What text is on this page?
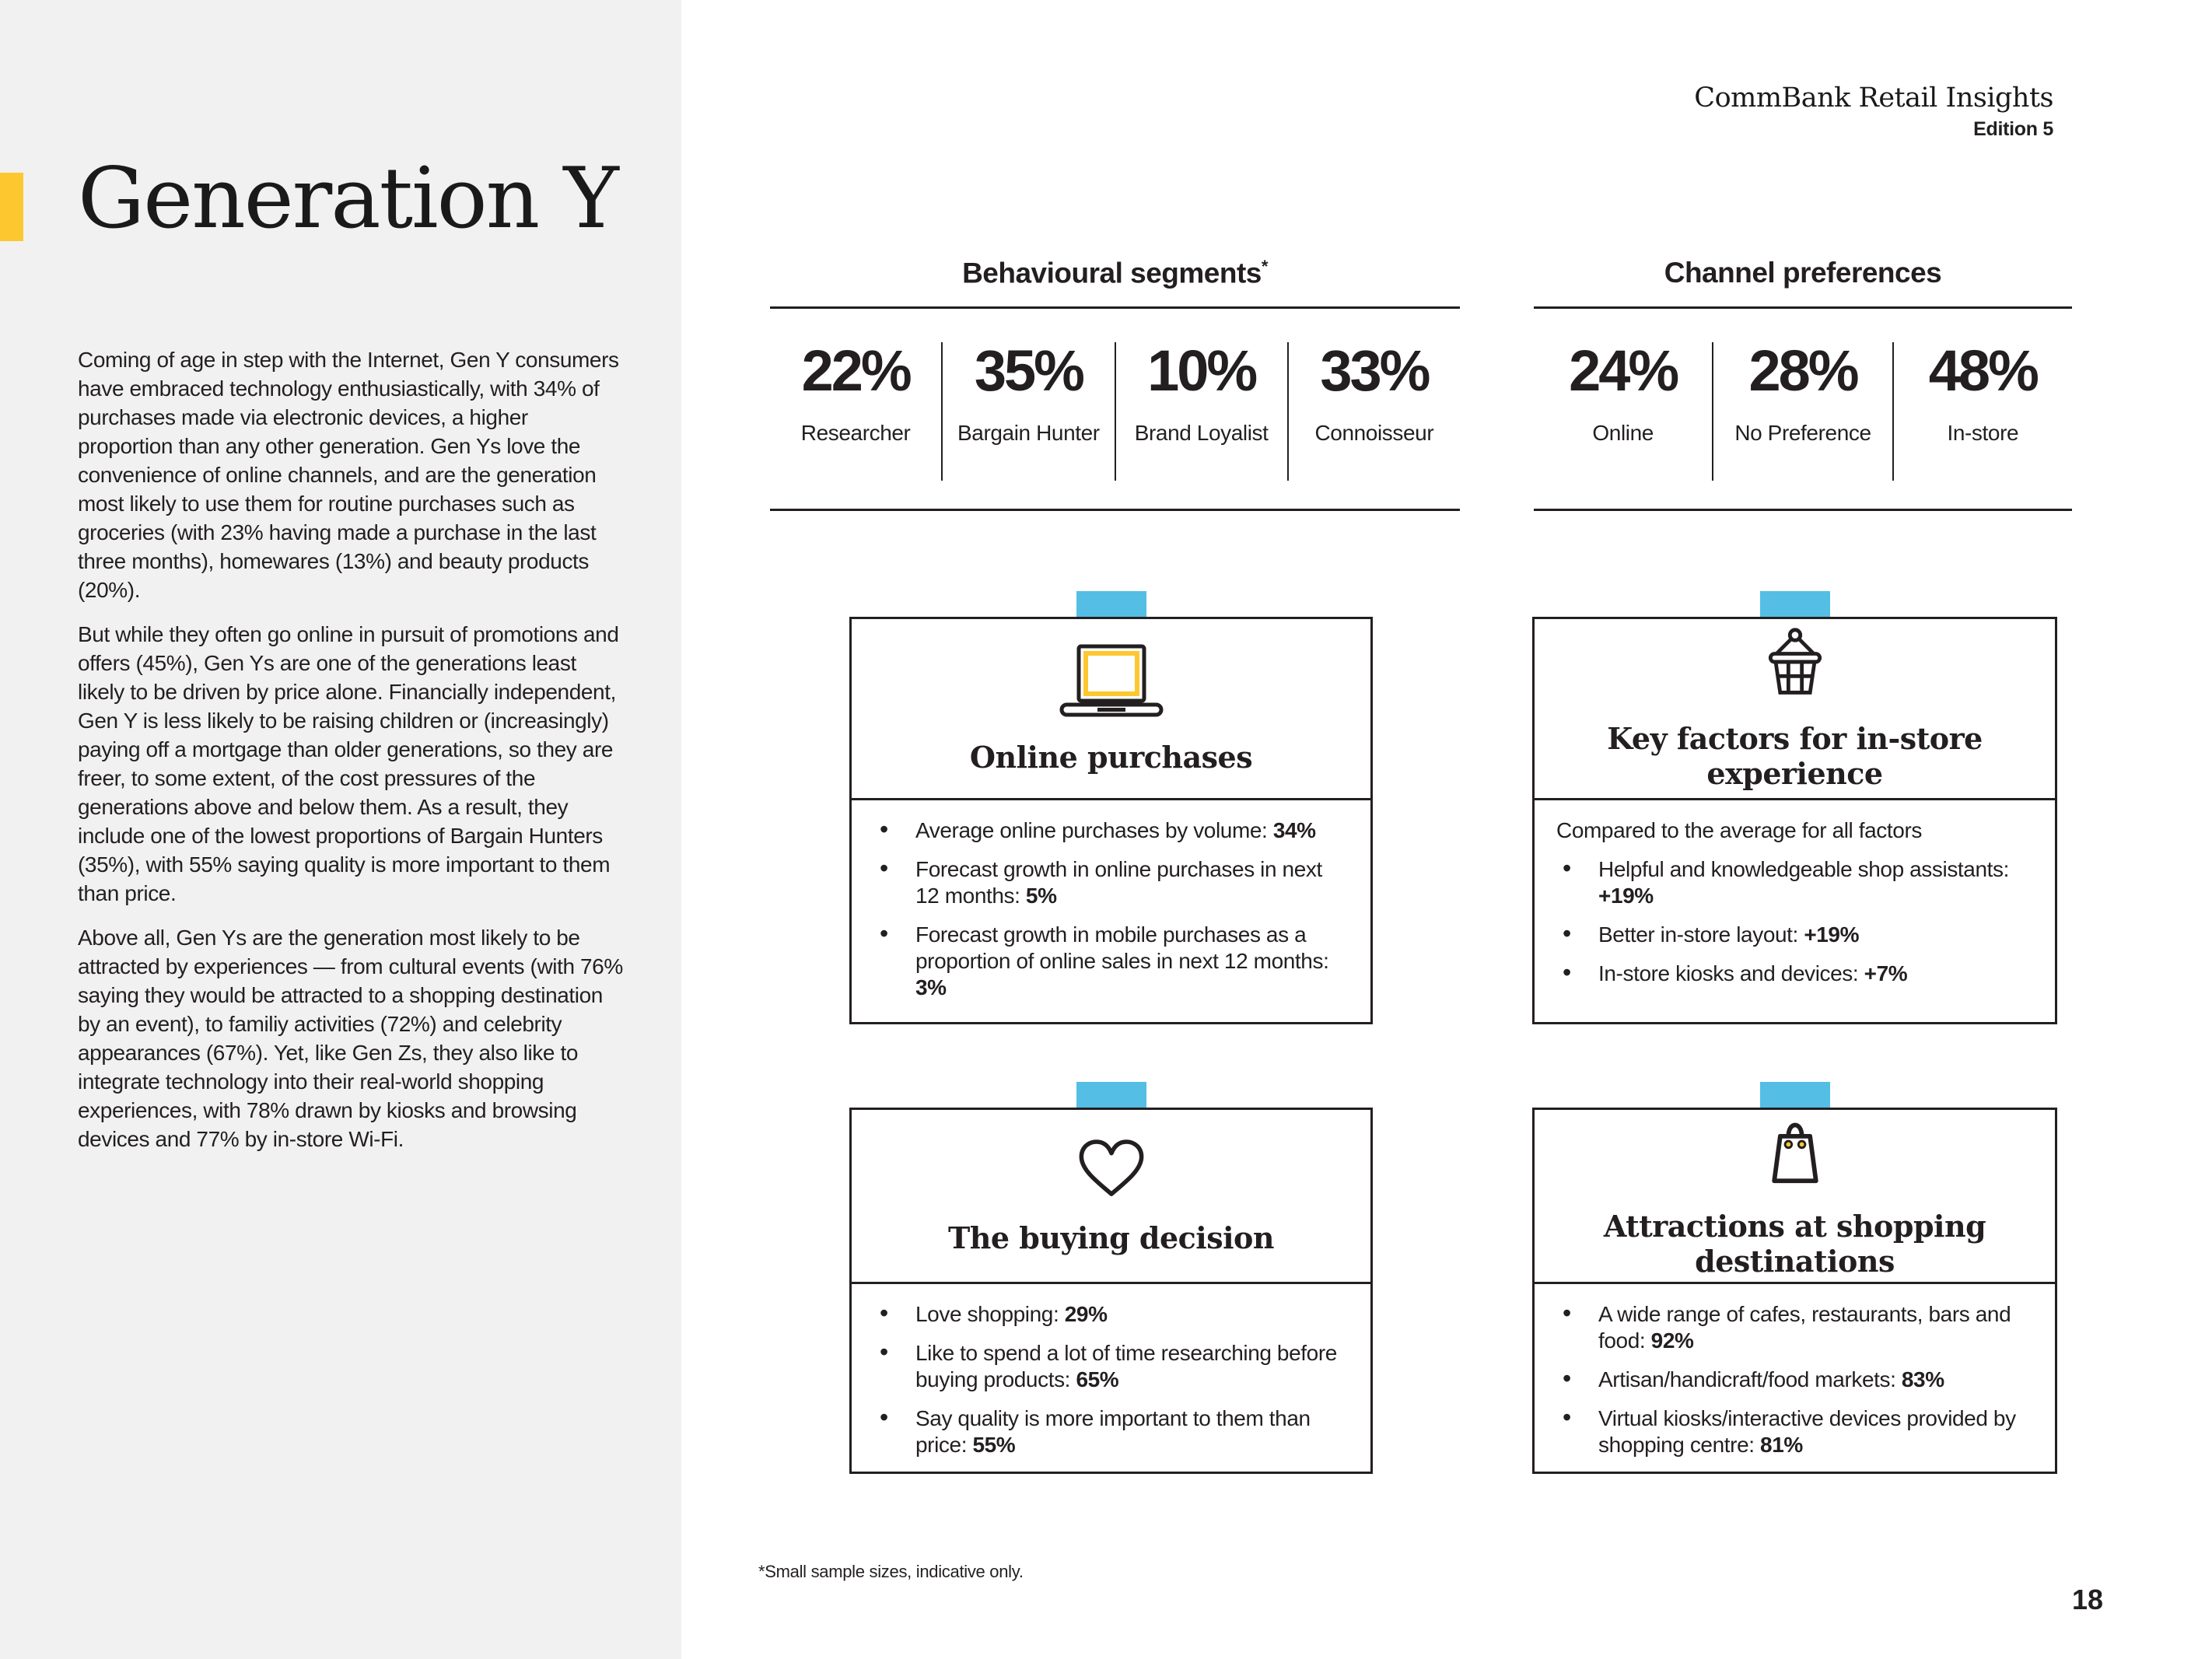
Generation Y

Coming of age in step with the Internet, Gen Y consumers have embraced technology enthusiastically, with 34% of purchases made via electronic devices, a higher proportion than any other generation. Gen Ys love the convenience of online channels, and are the generation most likely to use them for routine purchases such as groceries (with 23% having made a purchase in the last three months), homewares (13%) and beauty products (20%).

But while they often go online in pursuit of promotions and offers (45%), Gen Ys are one of the generations least likely to be driven by price alone. Financially independent, Gen Y is less likely to be raising children or (increasingly) paying off a mortgage than older generations, so they are freer, to some extent, of the cost pressures of the generations above and below them. As a result, they include one of the lowest proportions of Bargain Hunters (35%), with 55% saying quality is more important to them than price.

Above all, Gen Ys are the generation most likely to be attracted by experiences — from cultural events (with 76% saying they would be attracted to a shopping destination by an event), to familiy activities (72%) and celebrity appearances (67%). Yet, like Gen Zs, they also like to integrate technology into their real-world shopping experiences, with 78% drawn by kiosks and browsing devices and 77% by in-store Wi-Fi.

CommBank Retail Insights
Edition 5
Behavioural segments*
22%
Researcher
35%
Bargain Hunter
10%
Brand Loyalist
33%
Connoisseur
Channel preferences
24%
Online
28%
No Preference
48%
In-store
Online purchases
• Average online purchases by volume: 34%
• Forecast growth in online purchases in next 12 months: 5%
• Forecast growth in mobile purchases as a proportion of online sales in next 12 months: 3%
Key factors for in-store experience

Compared to the average for all factors

• Helpful and knowledgeable shop assistants: +19%
• Better in-store layout: +19%
• In-store kiosks and devices: +7%
The buying decision
• Love shopping: 29%
• Like to spend a lot of time researching before buying products: 65%
• Say quality is more important to them than price: 55%
Attractions at shopping destinations
• A wide range of cafes, restaurants, bars and food: 92%
• Artisan/handicraft/food markets: 83%
• Virtual kiosks/interactive devices provided by shopping centre: 81%
*Small sample sizes, indicative only.
18
